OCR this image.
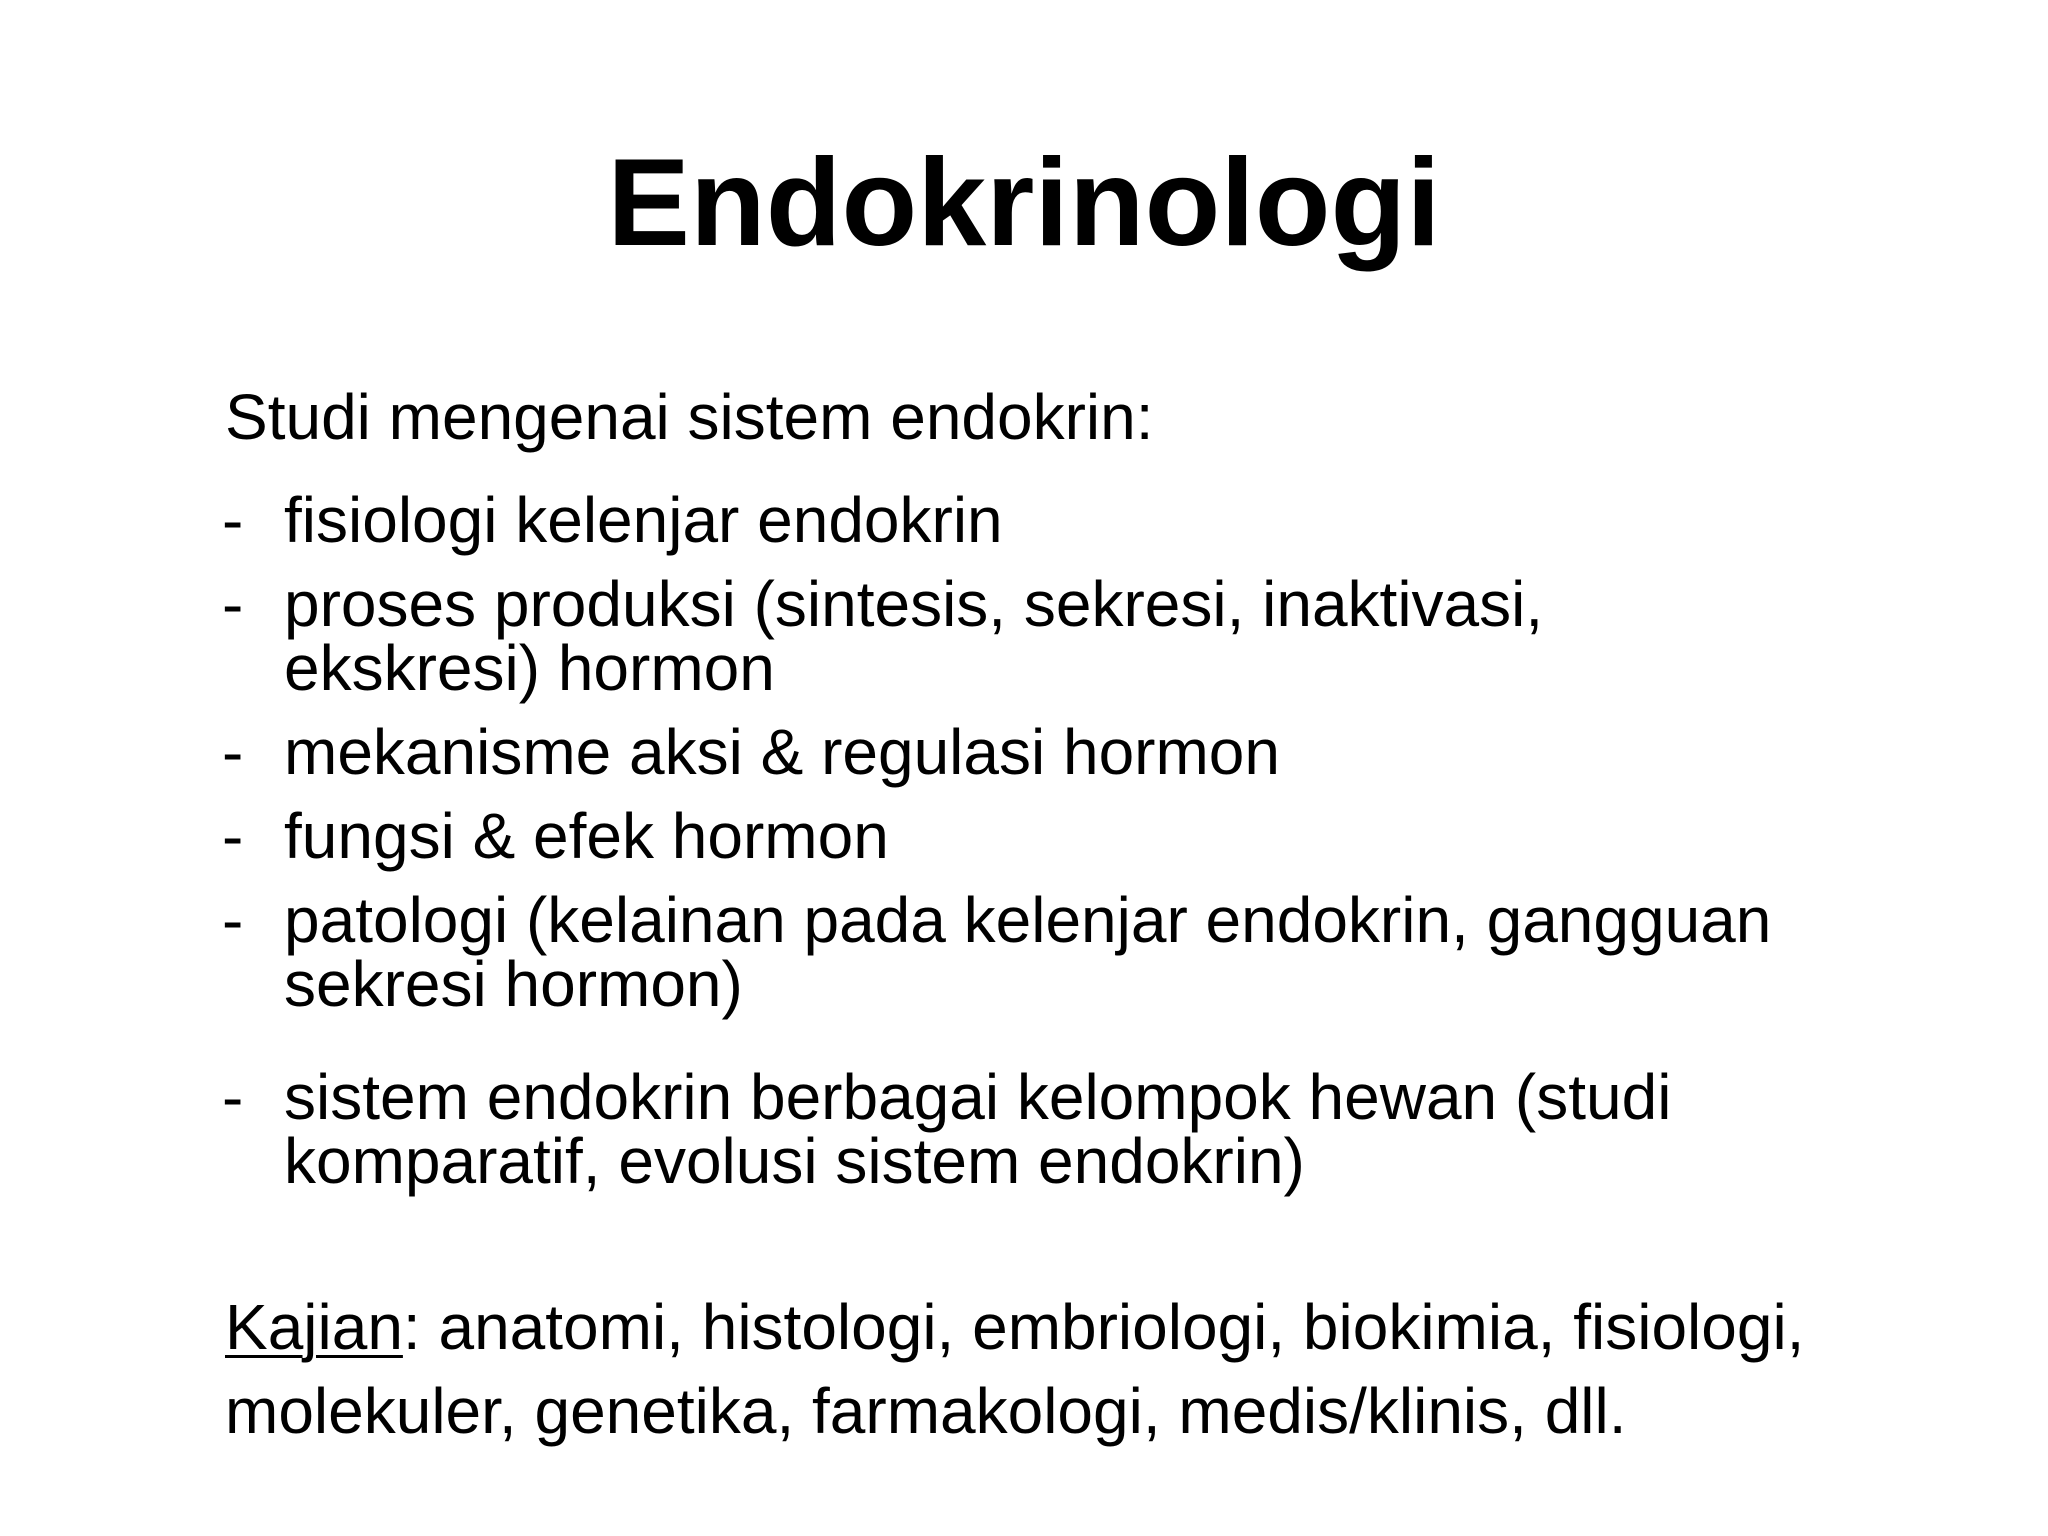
Endokrinologi

Studi mengenai sistem endokrin:

- fisiologi kelenjar endokrin
- proses produksi (sintesis, sekresi, inaktivasi,
ekskresi) hormon
- mekanisme aksi & regulasi hormon
- fungsi & efek hormon
- patologi (kelainan pada kelenjar endokrin, gangguan
sekresi hormon)
- sistem endokrin berbagai kelompok hewan (studi
komparatif, evolusi sistem endokrin)

Kajian: anatomi, histologi, embriologi, biokimia, fisiologi, molekuler, genetika, farmakologi, medis/klinis, dll.
